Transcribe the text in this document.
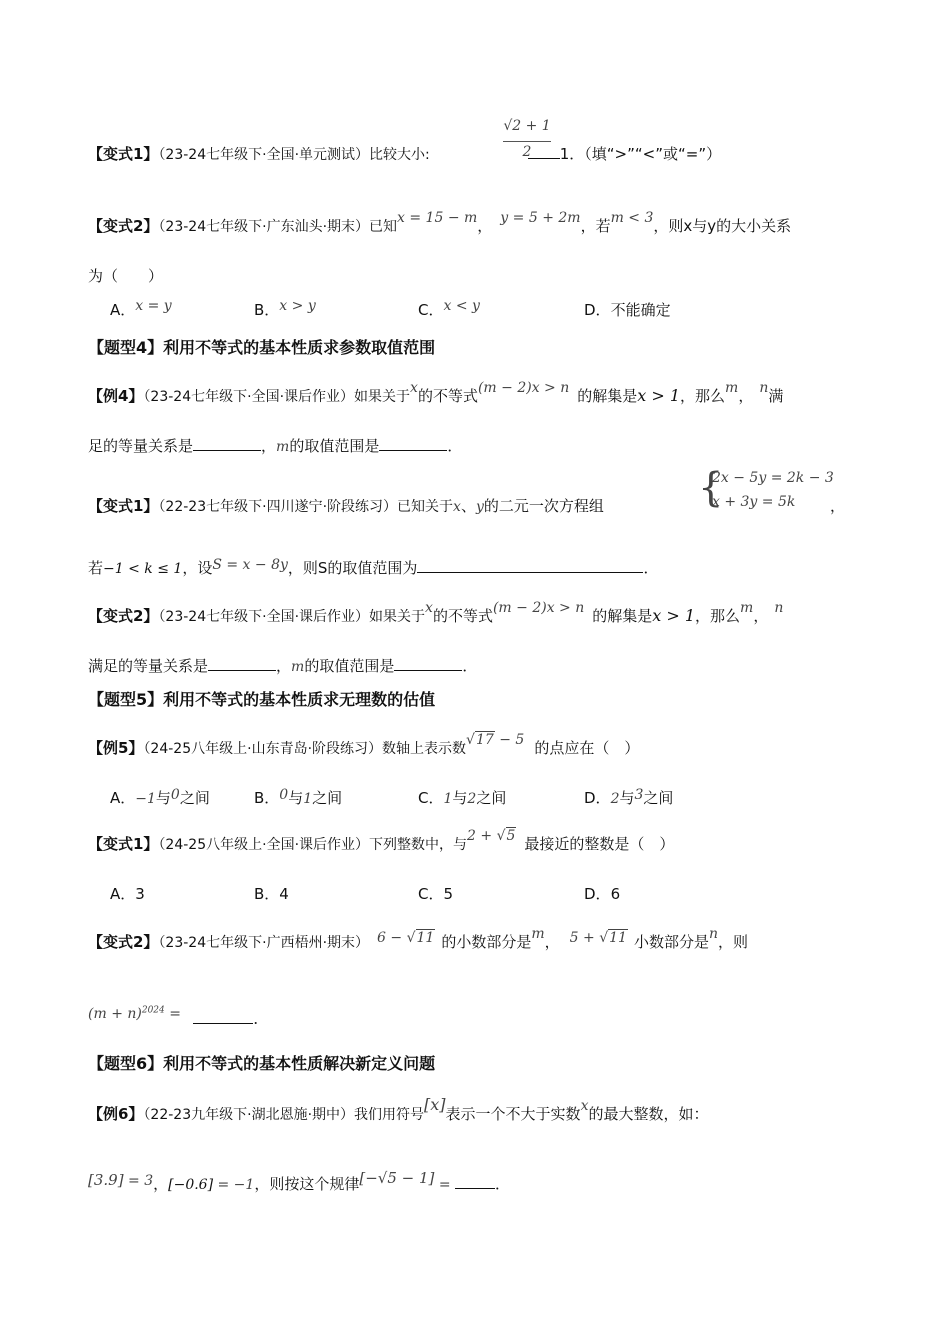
√2 + 1
2
【变式1】（23-24七年级下·全国·单元测试）比较大小:	1．（填“>”“<”或“=”）
【变式2】（23-24七年级下·广东汕头·期末）已知x = 15 − m， y = 5 + 2m，若m < 3，则x与y的大小关系
为（　　）
A．x = y	B．x > y	C．x < y	D．不能确定
【题型4】利用不等式的基本性质求参数取值范围
【例4】（23-24七年级下·全国·课后作业）如果关于x的不等式(m − 2)x > n 的解集是x > 1，那么m， n满
足的等量关系是	，m的取值范围是	．
{
2x − 5y = 2k − 3
x + 3y = 5k
【变式1】（22-23七年级下·四川遂宁·阶段练习）已知关于x、y的二元一次方程组	，
若−1 < k ≤ 1，设S = x − 8y，则S的取值范围为	．
【变式2】（23-24七年级下·全国·课后作业）如果关于x的不等式(m − 2)x > n 的解集是x > 1，那么m， n
满足的等量关系是	，m的取值范围是	．
【题型5】利用不等式的基本性质求无理数的估值
【例5】（24-25八年级上·山东青岛·阶段练习）数轴上表示数√17 − 5 的点应在（　）
A．−1与0之间	B．0与1之间	C．1与2之间	D．2与3之间
【变式1】（24-25八年级上·全国·课后作业）下列整数中，与2 + √5 最接近的整数是（　）
A．3	B．4	C．5	D．6
【变式2】（23-24七年级下·广西梧州·期末） 6 − √11 的小数部分是m， 5 + √11 小数部分是n，则
$(m + n)^{2024}$ =	．
【题型6】利用不等式的基本性质解决新定义问题
【例6】（22-23九年级下·湖北恩施·期中）我们用符号[x]表示一个不大于实数x的最大整数，如：
[3.9] = 3，[−0.6] = −1，则按这个规律[−√5 − 1] =	．
